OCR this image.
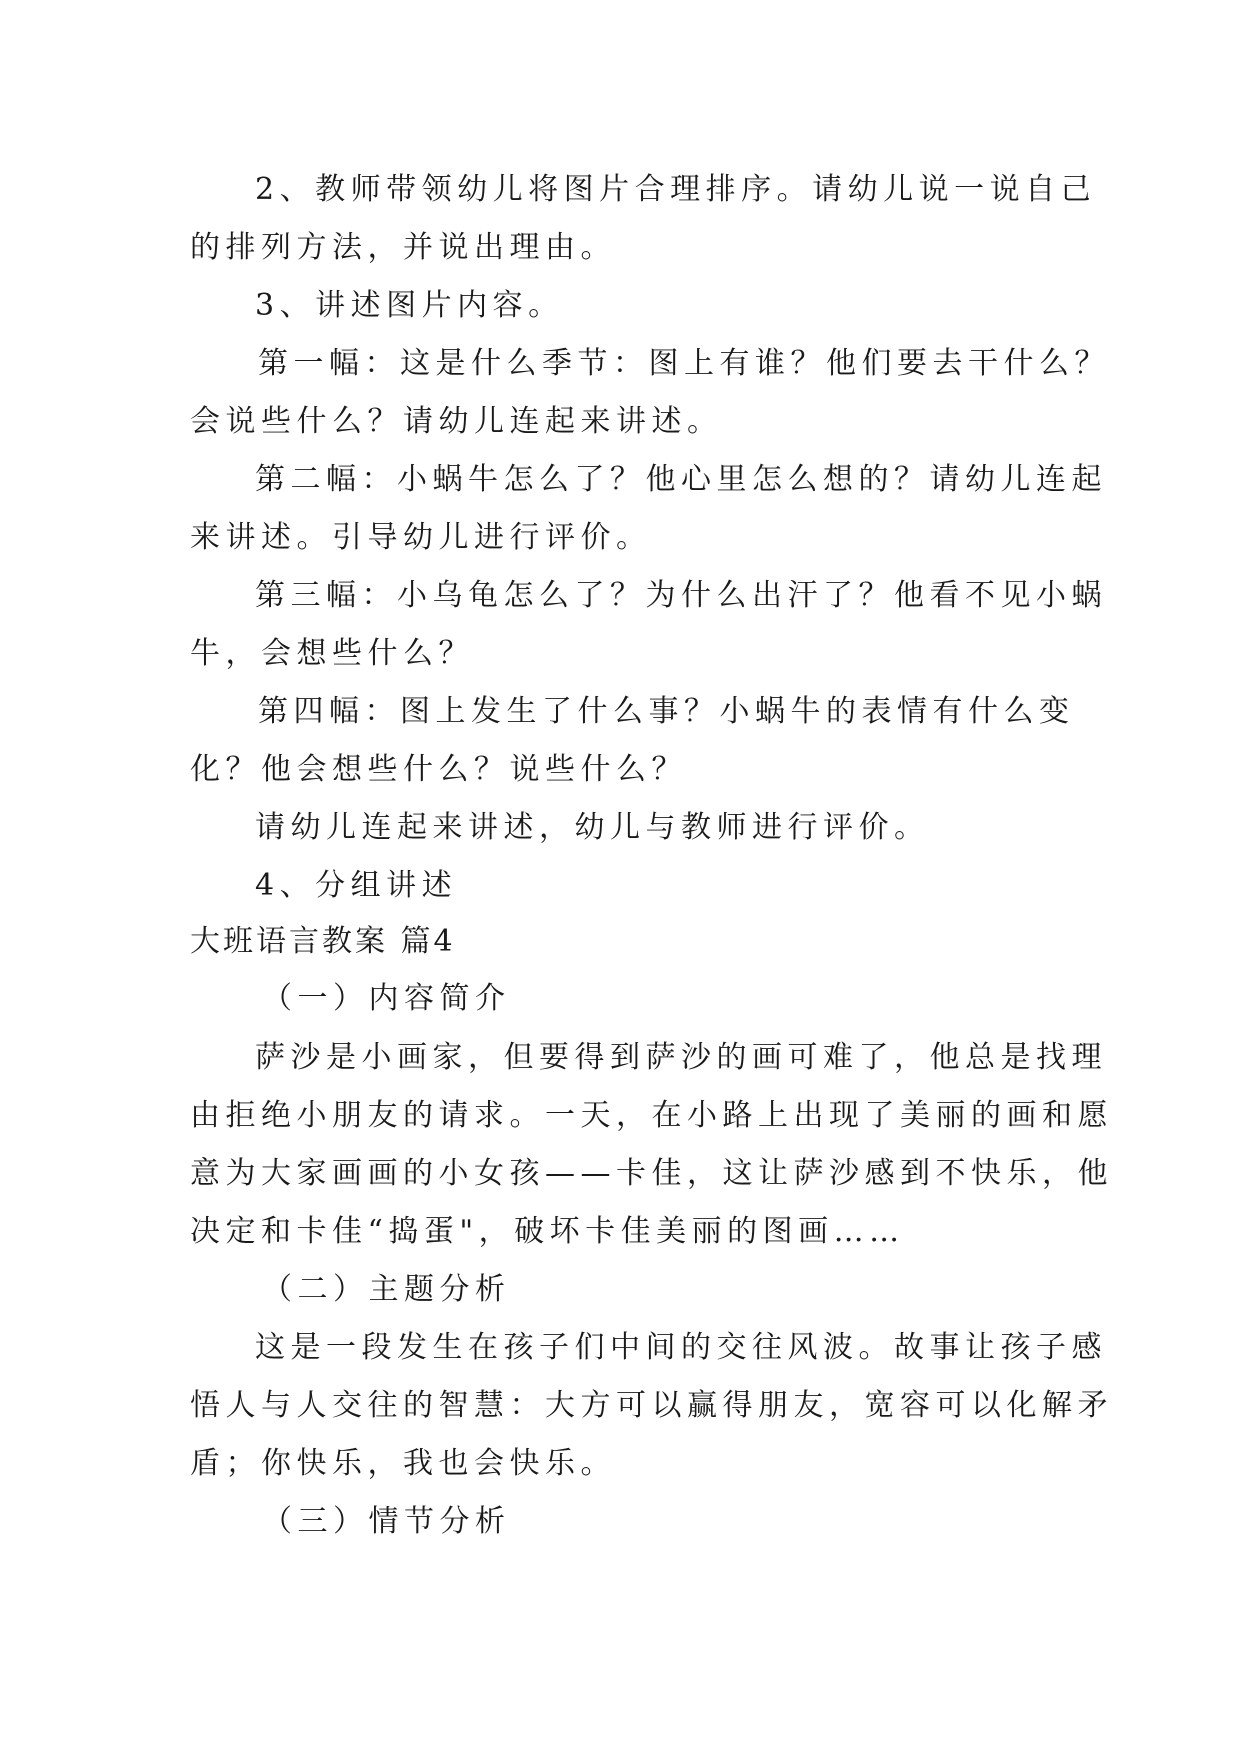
2、教师带领幼儿将图片合理排序。请幼儿说一说自己
的排列方法，并说出理由。
3、讲述图片内容。
第一幅：这是什么季节：图上有谁？他们要去干什么？
会说些什么？请幼儿连起来讲述。
第二幅：小蜗牛怎么了？他心里怎么想的？请幼儿连起
来讲述。引导幼儿进行评价。
第三幅：小乌龟怎么了？为什么出汗了？他看不见小蜗
牛，会想些什么？
第四幅：图上发生了什么事？小蜗牛的表情有什么变
化？他会想些什么？说些什么？
请幼儿连起来讲述，幼儿与教师进行评价。
4、分组讲述
大班语言教案 篇4
（一）内容简介
萨沙是小画家，但要得到萨沙的画可难了，他总是找理
由拒绝小朋友的请求。一天，在小路上出现了美丽的画和愿
意为大家画画的小女孩——卡佳，这让萨沙感到不快乐，他
决定和卡佳“捣蛋"，破坏卡佳美丽的图画……
（二）主题分析
这是一段发生在孩子们中间的交往风波。故事让孩子感
悟人与人交往的智慧：大方可以赢得朋友，宽容可以化解矛
盾；你快乐，我也会快乐。
（三）情节分析
